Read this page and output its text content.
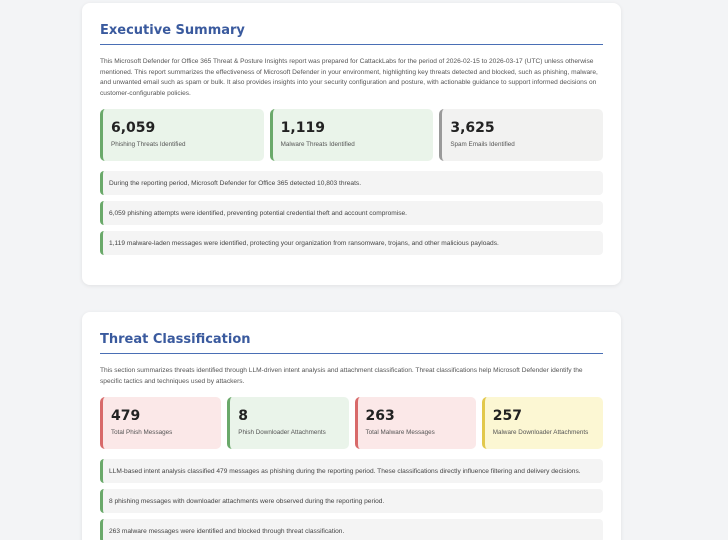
Executive Summary
This Microsoft Defender for Office 365 Threat & Posture Insights report was prepared for CattackLabs for the period of 2026-02-15 to 2026-03-17 (UTC) unless otherwise mentioned. This report summarizes the effectiveness of Microsoft Defender in your environment, highlighting key threats detected and blocked, such as phishing, malware, and unwanted email such as spam or bulk. It also provides insights into your security configuration and posture, with actionable guidance to support informed decisions on customer-configurable policies.
6,059
Phishing Threats Identified
1,119
Malware Threats Identified
3,625
Spam Emails Identified
During the reporting period, Microsoft Defender for Office 365 detected 10,803 threats.
6,059 phishing attempts were identified, preventing potential credential theft and account compromise.
1,119 malware-laden messages were identified, protecting your organization from ransomware, trojans, and other malicious payloads.
Threat Classification
This section summarizes threats identified through LLM-driven intent analysis and attachment classification. Threat classifications help Microsoft Defender identify the specific tactics and techniques used by attackers.
479
Total Phish Messages
8
Phish Downloader Attachments
263
Total Malware Messages
257
Malware Downloader Attachments
LLM-based intent analysis classified 479 messages as phishing during the reporting period. These classifications directly influence filtering and delivery decisions.
8 phishing messages with downloader attachments were observed during the reporting period.
263 malware messages were identified and blocked through threat classification.
